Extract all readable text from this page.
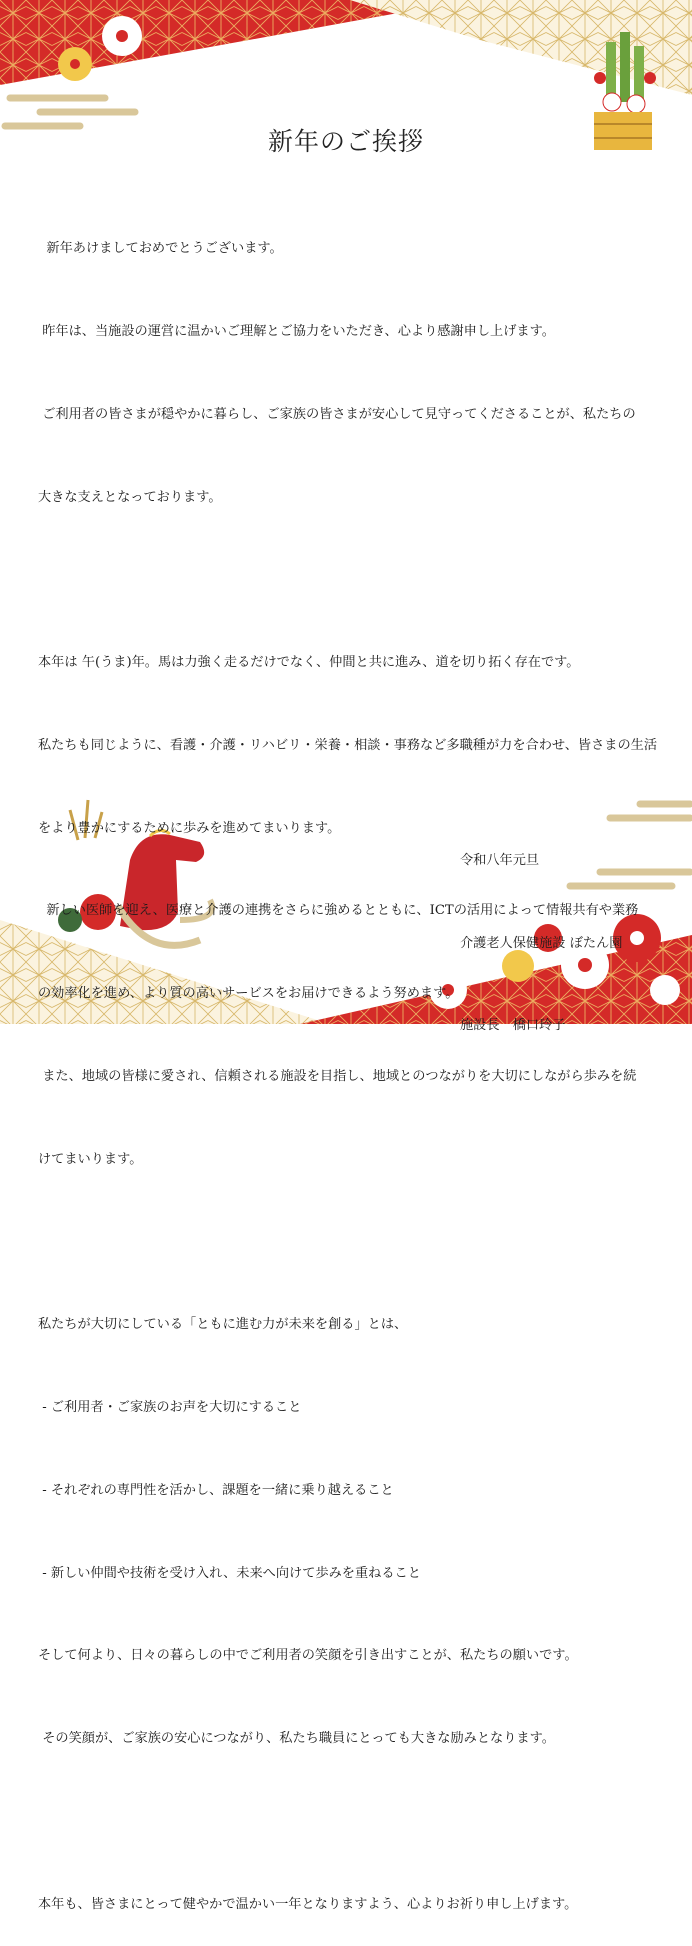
新年のご挨拶

新年あけましておめでとうございます。

昨年は、当施設の運営に温かいご理解とご協力をいただき、心より感謝申し上げます。

ご利用者の皆さまが穏やかに暮らし、ご家族の皆さまが安心して見守ってくださることが、私たちの

大きな支えとなっております。

本年は 午(うま)年。馬は力強く走るだけでなく、仲間と共に進み、道を切り拓く存在です。

私たちも同じように、看護・介護・リハビリ・栄養・相談・事務など多職種が力を合わせ、皆さまの生活

をより豊かにするために歩みを進めてまいります。

新しい医師を迎え、医療と介護の連携をさらに強めるとともに、ICTの活用によって情報共有や業務

の効率化を進め、より質の高いサービスをお届けできるよう努めます。

また、地域の皆様に愛され、信頼される施設を目指し、地域とのつながりを大切にしながら歩みを続

けてまいります。

私たちが大切にしている「ともに進む力が未来を創る」とは、

- ご利用者・ご家族のお声を大切にすること

- それぞれの専門性を活かし、課題を一緒に乗り越えること

- 新しい仲間や技術を受け入れ、未来へ向けて歩みを重ねること

そして何より、日々の暮らしの中でご利用者の笑顔を引き出すことが、私たちの願いです。

その笑顔が、ご家族の安心につながり、私たち職員にとっても大きな励みとなります。

本年も、皆さまにとって健やかで温かい一年となりますよう、心よりお祈り申し上げます。

令和八年元旦

介護老人保健施設 ぼたん園

施設長　橋口玲子
